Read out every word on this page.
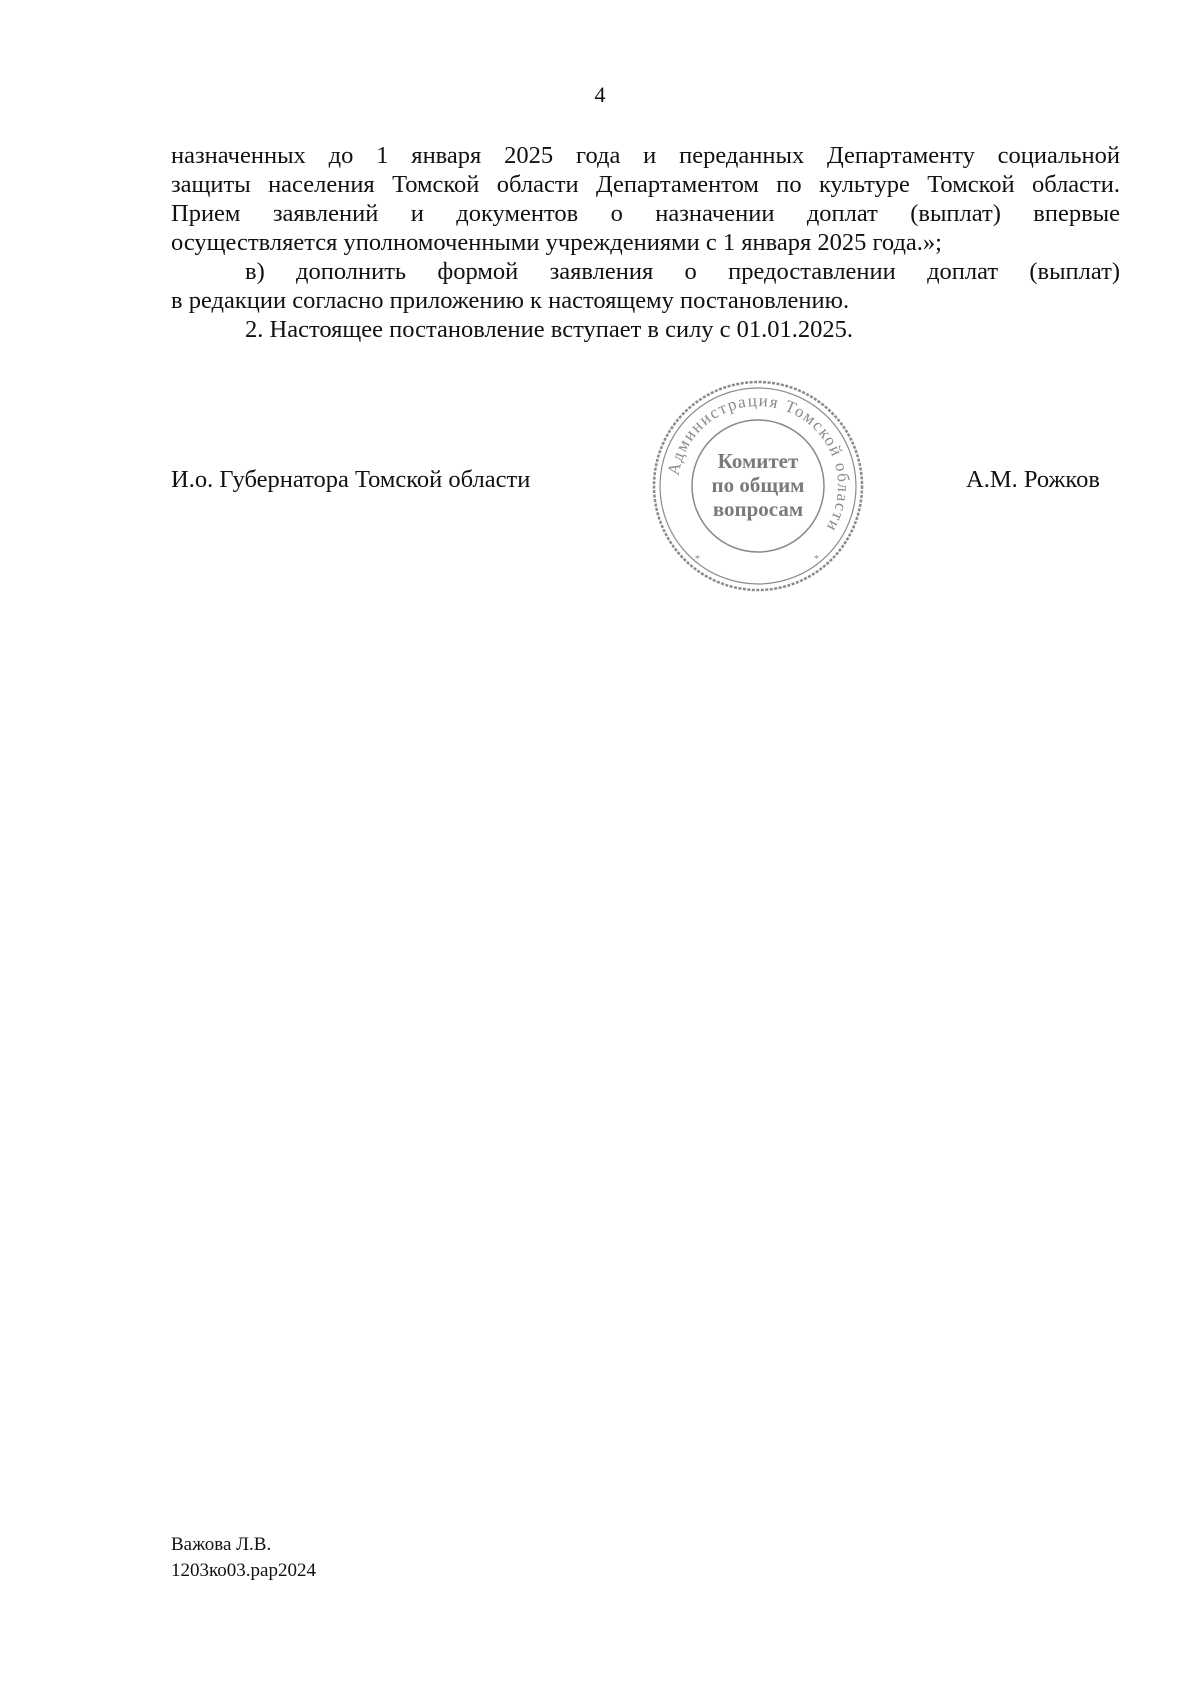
4
назначенных до 1 января 2025 года и переданных Департаменту социальной
защиты населения Томской области Департаментом по культуре Томской области.
Прием заявлений и документов о назначении доплат (выплат) впервые
осуществляется уполномоченными учреждениями с 1 января 2025 года.»;
в) дополнить формой заявления о предоставлении доплат (выплат)
в редакции согласно приложению к настоящему постановлению.
2. Настоящее постановление вступает в силу с 01.01.2025.
И.о. Губернатора Томской области	А.М. Рожков
Администрация Томской области
*	*
Комитет
по общим
вопросам
Важова Л.В.
1203ко03.рар2024
